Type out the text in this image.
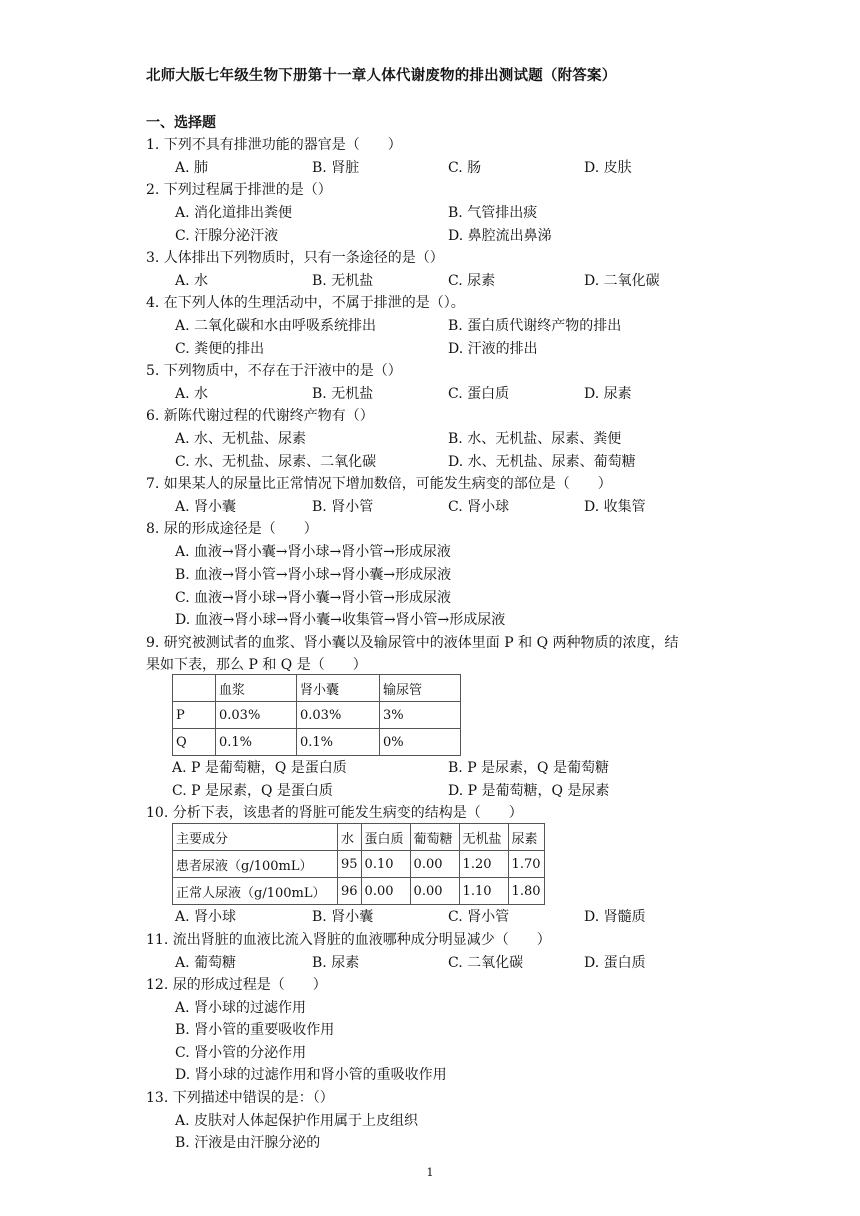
北师大版七年级生物下册第十一章人体代谢废物的排出测试题（附答案）
一、选择题
1. 下列不具有排泄功能的器官是（　　）
A. 肺	B. 肾脏	C. 肠	D. 皮肤
2. 下列过程属于排泄的是（）
A. 消化道排出粪便	B. 气管排出痰
C. 汗腺分泌汗液	D. 鼻腔流出鼻涕
3. 人体排出下列物质时，只有一条途径的是（）
A. 水	B. 无机盐	C. 尿素	D. 二氧化碳
4. 在下列人体的生理活动中，不属于排泄的是（）。
A. 二氧化碳和水由呼吸系统排出	B. 蛋白质代谢终产物的排出
C. 粪便的排出	D. 汗液的排出
5. 下列物质中，不存在于汗液中的是（）
A. 水	B. 无机盐	C. 蛋白质	D. 尿素
6. 新陈代谢过程的代谢终产物有（）
A. 水、无机盐、尿素	B. 水、无机盐、尿素、粪便
C. 水、无机盐、尿素、二氧化碳	D. 水、无机盐、尿素、葡萄糖
7. 如果某人的尿量比正常情况下增加数倍，可能发生病变的部位是（　　）
A. 肾小囊	B. 肾小管	C. 肾小球	D. 收集管
8. 尿的形成途径是（　　）
A. 血液→肾小囊→肾小球→肾小管→形成尿液
B. 血液→肾小管→肾小球→肾小囊→形成尿液
C. 血液→肾小球→肾小囊→肾小管→形成尿液
D. 血液→肾小球→肾小囊→收集管→肾小管→形成尿液
9. 研究被测试者的血浆、肾小囊以及输尿管中的液体里面 P 和 Q 两种物质的浓度，结
果如下表，那么 P 和 Q 是（　　）
	血浆	肾小囊	输尿管
P	0.03%	0.03%	3%
Q	0.1%	0.1%	0%
A. P 是葡萄糖，Q 是蛋白质	B. P 是尿素，Q 是葡萄糖
C. P 是尿素，Q 是蛋白质	D. P 是葡萄糖，Q 是尿素
10. 分析下表，该患者的肾脏可能发生病变的结构是（　　）
主要成分	水	蛋白质	葡萄糖	无机盐	尿素
患者尿液（g/100mL）	95	0.10	0.00	1.20	1.70
正常人尿液（g/100mL）	96	0.00	0.00	1.10	1.80
A. 肾小球	B. 肾小囊	C. 肾小管	D. 肾髓质
11. 流出肾脏的血液比流入肾脏的血液哪种成分明显减少（　　）
A. 葡萄糖	B. 尿素	C. 二氧化碳	D. 蛋白质
12. 尿的形成过程是（　　）
A. 肾小球的过滤作用
B. 肾小管的重要吸收作用
C. 肾小管的分泌作用
D. 肾小球的过滤作用和肾小管的重吸收作用
13. 下列描述中错误的是：（）
A. 皮肤对人体起保护作用属于上皮组织
B. 汗液是由汗腺分泌的
1
